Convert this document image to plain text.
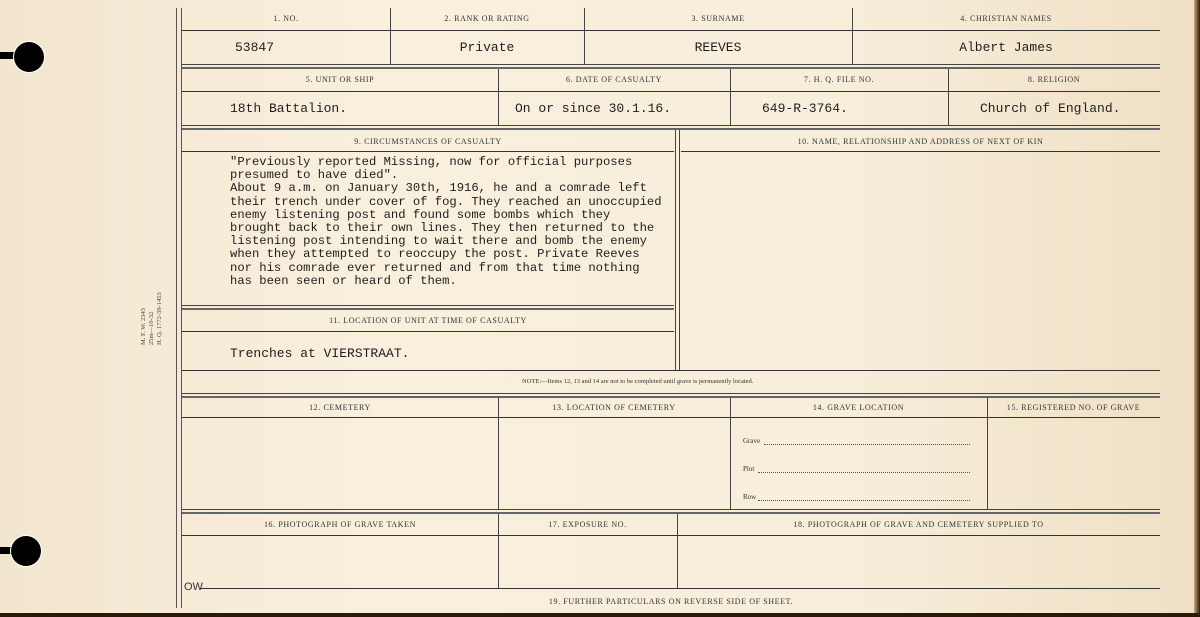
M. F. W. 2343 25m—10-32 H. Q. 1772-39-1453
1. NO.	2. RANK OR RATING	3. SURNAME	4. CHRISTIAN NAMES
53847	Private	REEVES	Albert James
5. UNIT OR SHIP	6. DATE OF CASUALTY	7. H. Q. FILE NO.	8. RELIGION
18th Battalion.	On or since 30.1.16.	649-R-3764.	Church of England.
9. CIRCUMSTANCES OF CASUALTY	10. NAME, RELATIONSHIP AND ADDRESS OF NEXT OF KIN
"Previously reported Missing, now for official purposes
presumed to have died".
About 9 a.m. on January 30th, 1916, he and a comrade left
their trench under cover of fog. They reached an unoccupied
enemy listening post and found some bombs which they
brought back to their own lines. They then returned to the
listening post intending to wait there and bomb the enemy
when they attempted to reoccupy the post. Private Reeves
nor his comrade ever returned and from that time nothing
has been seen or heard of them.
11. LOCATION OF UNIT AT TIME OF CASUALTY
Trenches at VIERSTRAAT.
NOTE:—Items 12, 13 and 14 are not to be completed until grave is permanently located.
12. CEMETERY	13. LOCATION OF CEMETERY	14. GRAVE LOCATION	15. REGISTERED NO. OF GRAVE
Grave
Plot
Row
16. PHOTOGRAPH OF GRAVE TAKEN	17. EXPOSURE NO.	18. PHOTOGRAPH OF GRAVE AND CEMETERY SUPPLIED TO
OW
19. FURTHER PARTICULARS ON REVERSE SIDE OF SHEET.
